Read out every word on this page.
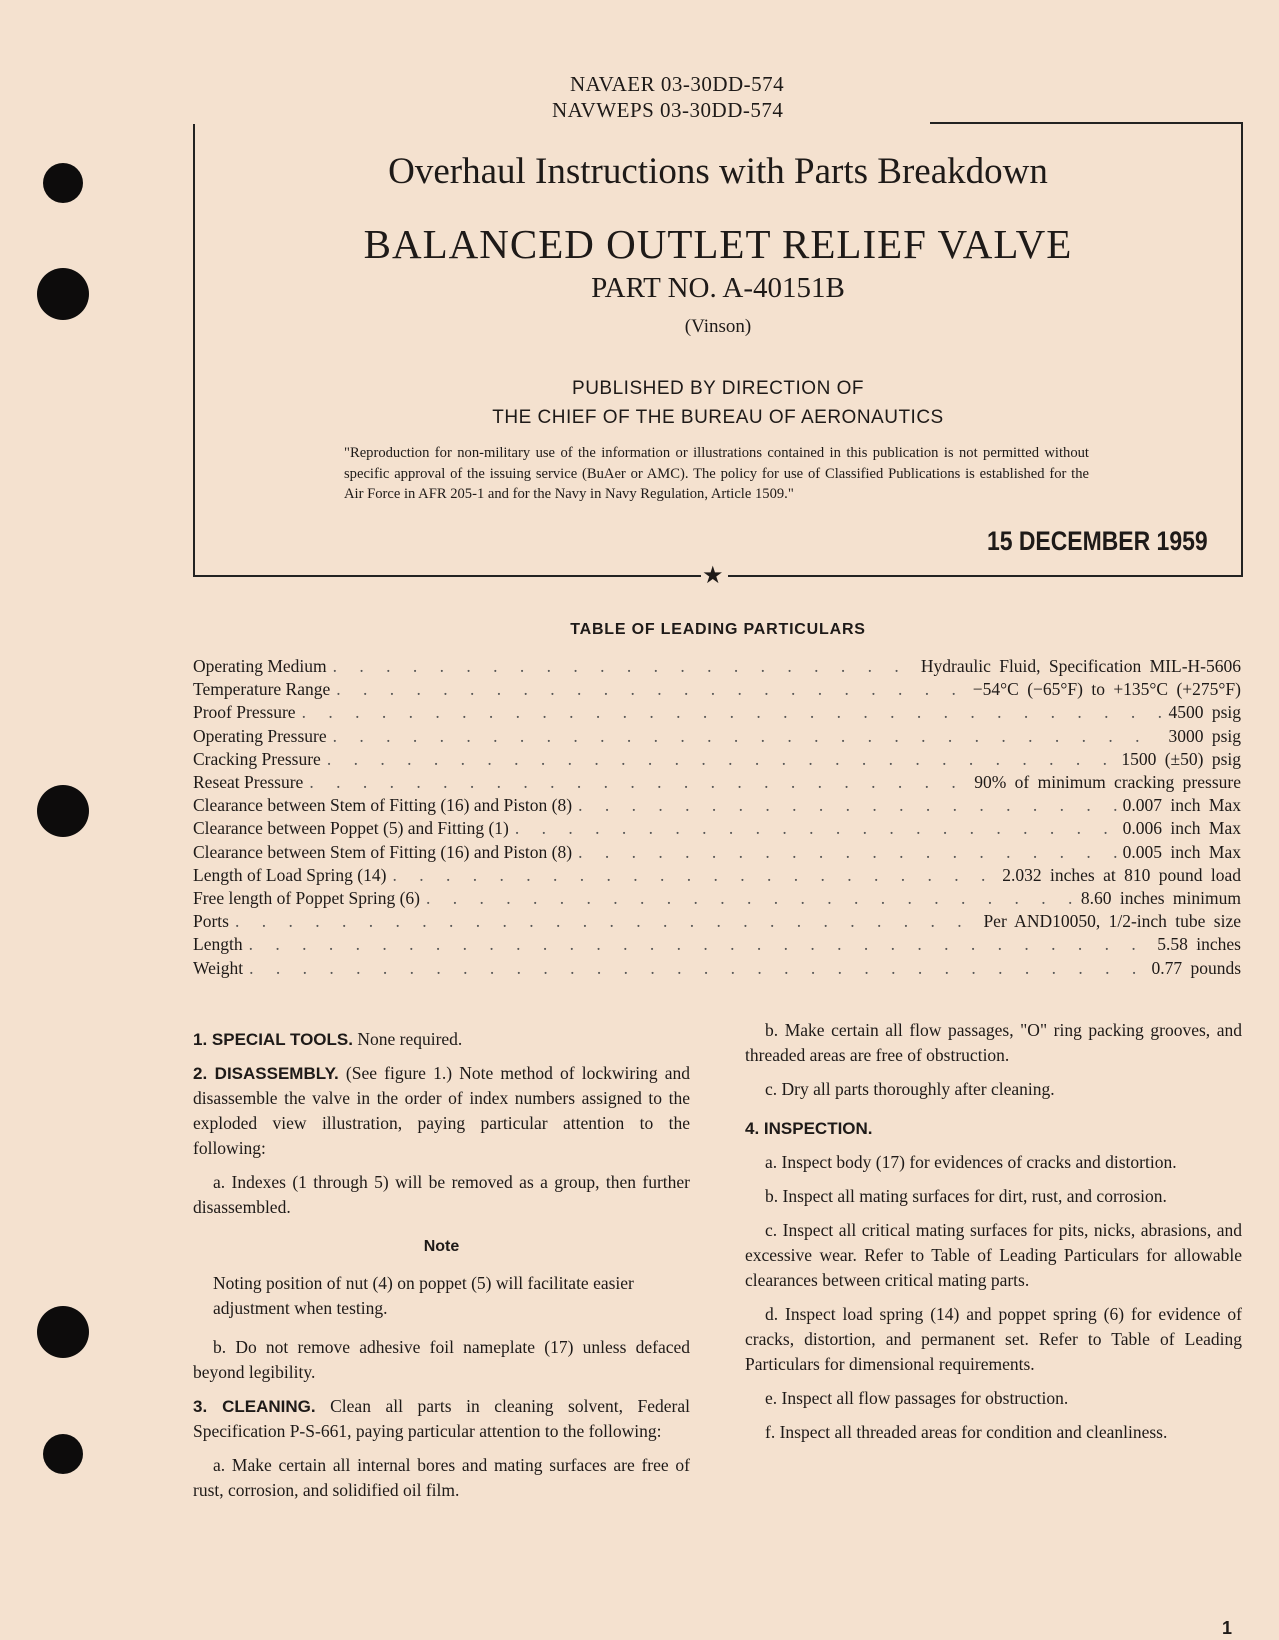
NAVAER 03-30DD-574
NAVWEPS 03-30DD-574
★
Overhaul Instructions with Parts Breakdown
BALANCED OUTLET RELIEF VALVE
PART NO. A-40151B
(Vinson)
PUBLISHED BY DIRECTION OF
THE CHIEF OF THE BUREAU OF AERONAUTICS
"Reproduction for non-military use of the information or illustrations contained in this publication is not permitted without specific approval of the issuing service (BuAer or AMC). The policy for use of Classified Publications is established for the Air Force in AFR 205-1 and for the Navy in Navy Regulation, Article 1509."
15 DECEMBER 1959
TABLE OF LEADING PARTICULARS
Operating Medium . . .	Hydraulic Fluid, Specification MIL-H-5606
Temperature Range . . .	−54°C (−65°F) to +135°C (+275°F)
Proof Pressure . . .	4500 psig
Operating Pressure . . .	3000 psig
Cracking Pressure . . .	1500 (±50) psig
Reseat Pressure . . .	90% of minimum cracking pressure
Clearance between Stem of Fitting (16) and Piston (8) . . .	0.007 inch Max
Clearance between Poppet (5) and Fitting (1) . . .	0.006 inch Max
Clearance between Stem of Fitting (16) and Piston (8) . . .	0.005 inch Max
Length of Load Spring (14) . . .	2.032 inches at 810 pound load
Free length of Poppet Spring (6) . . .	8.60 inches minimum
Ports . . .	Per AND10050, 1/2-inch tube size
Length . . .	5.58 inches
Weight . . .	0.77 pounds

1. SPECIAL TOOLS. None required.

2. DISASSEMBLY. (See figure 1.) Note method of lockwiring and disassemble the valve in the order of index numbers assigned to the exploded view illustration, paying particular attention to the following:

a. Indexes (1 through 5) will be removed as a group, then further disassembled.

Note

Noting position of nut (4) on poppet (5) will facilitate easier adjustment when testing.

b. Do not remove adhesive foil nameplate (17) unless defaced beyond legibility.

3. CLEANING. Clean all parts in cleaning solvent, Federal Specification P-S-661, paying particular attention to the following:

a. Make certain all internal bores and mating surfaces are free of rust, corrosion, and solidified oil film.

b. Make certain all flow passages, "O" ring packing grooves, and threaded areas are free of obstruction.

c. Dry all parts thoroughly after cleaning.

4. INSPECTION.

a. Inspect body (17) for evidences of cracks and distortion.

b. Inspect all mating surfaces for dirt, rust, and corrosion.

c. Inspect all critical mating surfaces for pits, nicks, abrasions, and excessive wear. Refer to Table of Leading Particulars for allowable clearances between critical mating parts.

d. Inspect load spring (14) and poppet spring (6) for evidence of cracks, distortion, and permanent set. Refer to Table of Leading Particulars for dimensional requirements.

e. Inspect all flow passages for obstruction.

f. Inspect all threaded areas for condition and cleanliness.

1
